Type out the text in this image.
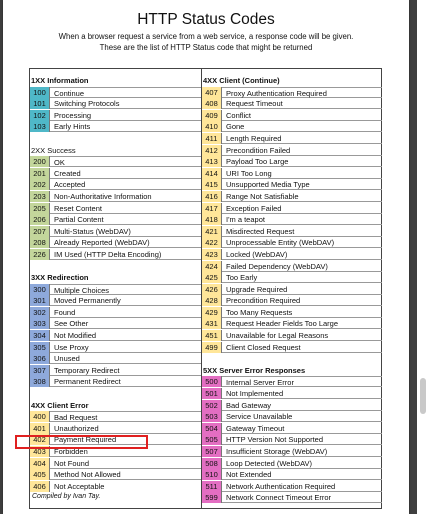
HTTP Status Codes
When a browser request a service from a web service, a response code will be given.
These are the list of HTTP Status code that might be returned
1XX Information
100	Continue
101	Switching Protocols
102	Processing
103	Early Hints
2XX Success
200	OK
201	Created
202	Accepted
203	Non-Authoritative Information
205	Reset Content
206	Partial Content
207	Multi-Status (WebDAV)
208	Already Reported (WebDAV)
226	IM Used (HTTP Delta Encoding)
3XX Redirection
300	Multiple Choices
301	Moved Permanently
302	Found
303	See Other
304	Not Modified
305	Use Proxy
306	Unused
307	Temporary Redirect
308	Permanent Redirect
4XX Client Error
400	Bad Request
401	Unauthorized
402	Payment Required
403	Forbidden
404	Not Found
405	Method Not Allowed
406	Not Acceptable
4XX Client (Continue)
407	Proxy Authentication Required
408	Request Timeout
409	Conflict
410	Gone
411	Length Required
412	Precondition Failed
413	Payload Too Large
414	URI Too Long
415	Unsupported Media Type
416	Range Not Satisfiable
417	Exception Failed
418	I'm a teapot
421	Misdirected Request
422	Unprocessable Entity (WebDAV)
423	Locked (WebDAV)
424	Failed Dependency (WebDAV)
425	Too Early
426	Upgrade Required
428	Precondition Required
429	Too Many Requests
431	Request Header Fields Too Large
451	Unavailable for Legal Reasons
499	Client Closed Request
5XX Server Error Responses
500	Internal Server Error
501	Not Implemented
502	Bad Gateway
503	Service Unavailable
504	Gateway Timeout
505	HTTP Version Not Supported
507	Insufficient Storage (WebDAV)
508	Loop Detected (WebDAV)
510	Not Extended
511	Network Authentication Required
599	Network Connect Timeout Error
Compiled by Ivan Tay.
